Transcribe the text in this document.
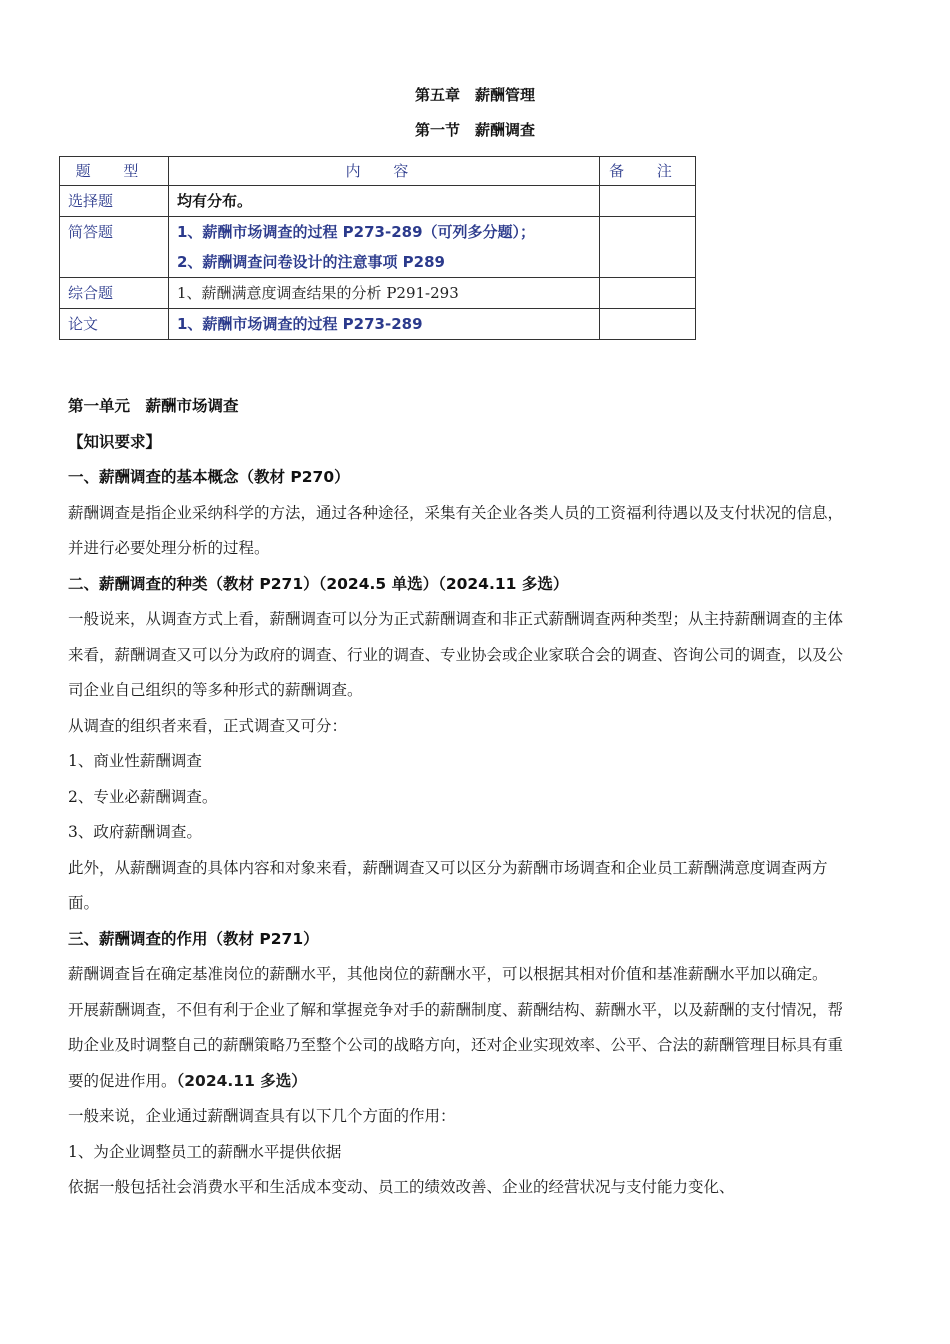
第五章　薪酬管理
第一节　薪酬调查
题 型	内 容	备 注
选择题	均有分布。	

简答题	1、薪酬市场调查的过程 P273-289（可列多分题）；
2、薪酬调查问卷设计的注意事项 P289	

综合题	1、薪酬满意度调查结果的分析 P291-293	

论文	1、薪酬市场调查的过程 P273-289	

第一单元　薪酬市场调查

【知识要求】

一、薪酬调查的基本概念（教材 P270）

薪酬调查是指企业采纳科学的方法，通过各种途径，采集有关企业各类人员的工资福利待遇以及支付状况的信息，并进行必要处理分析的过程。

二、薪酬调查的种类（教材 P271）（2024.5 单选）（2024.11 多选）

一般说来，从调查方式上看，薪酬调查可以分为正式薪酬调查和非正式薪酬调查两种类型；从主持薪酬调查的主体来看，薪酬调查又可以分为政府的调查、行业的调查、专业协会或企业家联合会的调查、咨询公司的调查，以及公司企业自己组织的等多种形式的薪酬调查。

从调查的组织者来看，正式调查又可分：

1、商业性薪酬调查

2、专业必薪酬调查。

3、政府薪酬调查。

此外，从薪酬调查的具体内容和对象来看，薪酬调查又可以区分为薪酬市场调查和企业员工薪酬满意度调查两方面。

三、薪酬调查的作用（教材 P271）

薪酬调查旨在确定基准岗位的薪酬水平，其他岗位的薪酬水平，可以根据其相对价值和基准薪酬水平加以确定。

开展薪酬调查，不但有利于企业了解和掌握竞争对手的薪酬制度、薪酬结构、薪酬水平，以及薪酬的支付情况，帮助企业及时调整自己的薪酬策略乃至整个公司的战略方向，还对企业实现效率、公平、合法的薪酬管理目标具有重要的促进作用。（2024.11 多选）

一般来说，企业通过薪酬调查具有以下几个方面的作用：

1、为企业调整员工的薪酬水平提供依据

依据一般包括社会消费水平和生活成本变动、员工的绩效改善、企业的经营状况与支付能力变化、
